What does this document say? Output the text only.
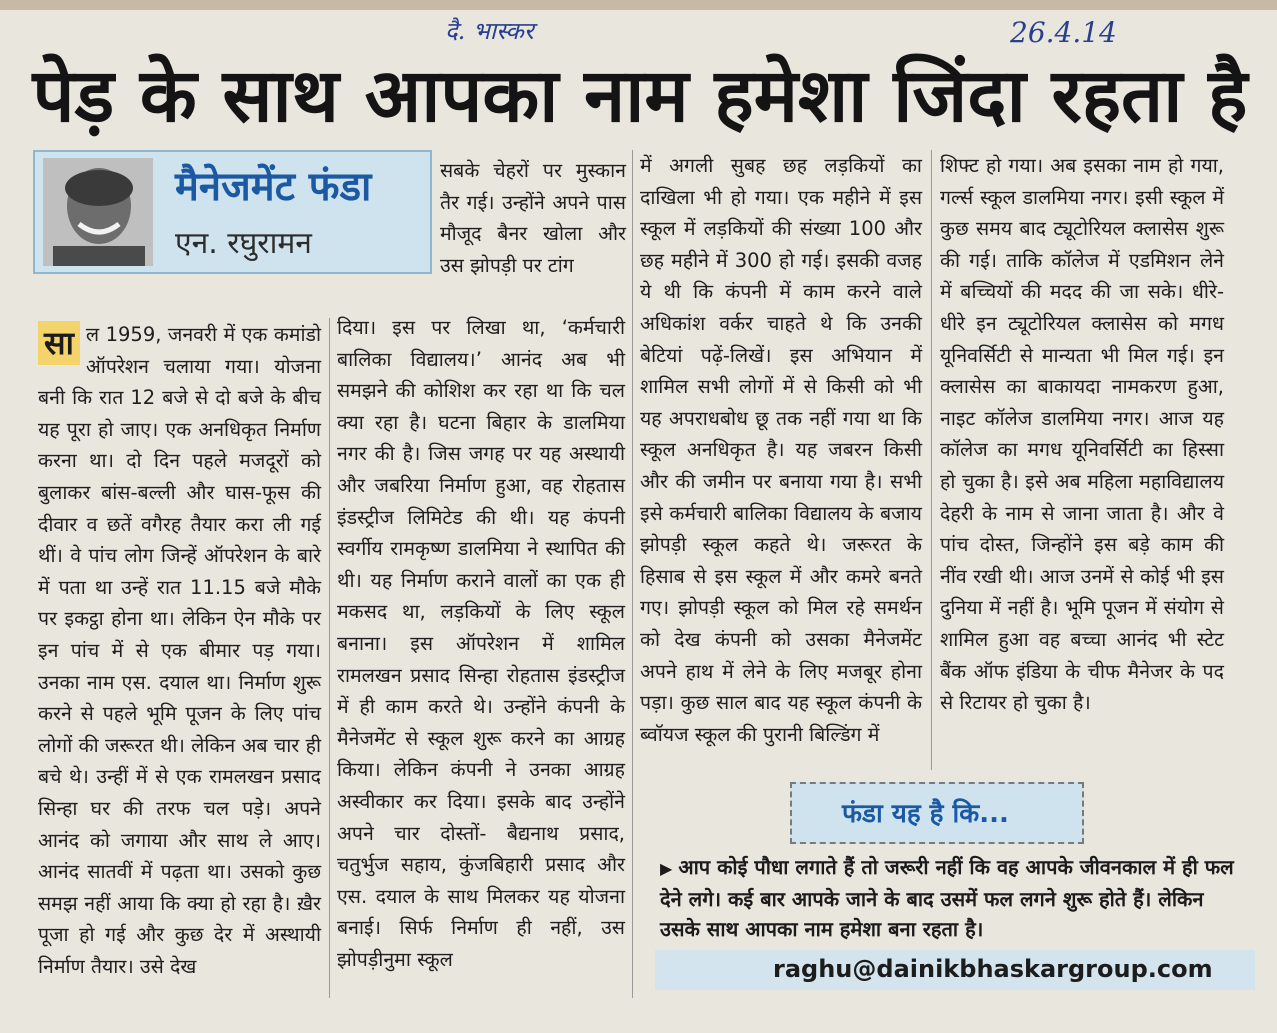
दै. भास्कर	26.4.14
पेड़ के साथ आपका नाम हमेशा जिंदा रहता है
मैनेजमेंट फंडा
एन. रघुरामन

सबके चेहरों पर मुस्कान तैर गई। उन्होंने अपने पास मौजूद बैनर खोला और उस झोपड़ी पर टांग

सा ल 1959, जनवरी में एक कमांडो ऑपरेशन चलाया गया। योजना बनी कि रात 12 बजे से दो बजे के बीच यह पूरा हो जाए। एक अनधिकृत निर्माण करना था। दो दिन पहले मजदूरों को बुलाकर बांस-बल्ली और घास-फूस की दीवार व छतें वगैरह तैयार करा ली गई थीं। वे पांच लोग जिन्हें ऑपरेशन के बारे में पता था उन्हें रात 11.15 बजे मौके पर इकट्ठा होना था। लेकिन ऐन मौके पर इन पांच में से एक बीमार पड़ गया। उनका नाम एस. दयाल था। निर्माण शुरू करने से पहले भूमि पूजन के लिए पांच लोगों की जरूरत थी। लेकिन अब चार ही बचे थे। उन्हीं में से एक रामलखन प्रसाद सिन्हा घर की तरफ चल पड़े। अपने आनंद को जगाया और साथ ले आए। आनंद सातवीं में पढ़ता था। उसको कुछ समझ नहीं आया कि क्या हो रहा है। ख़ैर पूजा हो गई और कुछ देर में अस्थायी निर्माण तैयार। उसे देख

दिया। इस पर लिखा था, ‘कर्मचारी बालिका विद्यालय।’ आनंद अब भी समझने की कोशिश कर रहा था कि चल क्या रहा है। घटना बिहार के डालमिया नगर की है। जिस जगह पर यह अस्थायी और जबरिया निर्माण हुआ, वह रोहतास इंडस्ट्रीज लिमिटेड की थी। यह कंपनी स्वर्गीय रामकृष्ण डालमिया ने स्थापित की थी। यह निर्माण कराने वालों का एक ही मकसद था, लड़कियों के लिए स्कूल बनाना। इस ऑपरेशन में शामिल रामलखन प्रसाद सिन्हा रोहतास इंडस्ट्रीज में ही काम करते थे। उन्होंने कंपनी के मैनेजमेंट से स्कूल शुरू करने का आग्रह किया। लेकिन कंपनी ने उनका आग्रह अस्वीकार कर दिया। इसके बाद उन्होंने अपने चार दोस्तों- बैद्यनाथ प्रसाद, चतुर्भुज सहाय, कुंजबिहारी प्रसाद और एस. दयाल के साथ मिलकर यह योजना बनाई। सिर्फ निर्माण ही नहीं, उस झोपड़ीनुमा स्कूल

में अगली सुबह छह लड़कियों का दाखिला भी हो गया। एक महीने में इस स्कूल में लड़कियों की संख्या 100 और छह महीने में 300 हो गई। इसकी वजह ये थी कि कंपनी में काम करने वाले अधिकांश वर्कर चाहते थे कि उनकी बेटियां पढ़ें-लिखें। इस अभियान में शामिल सभी लोगों में से किसी को भी यह अपराधबोध छू तक नहीं गया था कि स्कूल अनधिकृत है। यह जबरन किसी और की जमीन पर बनाया गया है। सभी इसे कर्मचारी बालिका विद्यालय के बजाय झोपड़ी स्कूल कहते थे। जरूरत के हिसाब से इस स्कूल में और कमरे बनते गए। झोपड़ी स्कूल को मिल रहे समर्थन को देख कंपनी को उसका मैनेजमेंट अपने हाथ में लेने के लिए मजबूर होना पड़ा। कुछ साल बाद यह स्कूल कंपनी के ब्वॉयज स्कूल की पुरानी बिल्डिंग में

शिफ्ट हो गया। अब इसका नाम हो गया, गर्ल्स स्कूल डालमिया नगर। इसी स्कूल में कुछ समय बाद ट्यूटोरियल क्लासेस शुरू की गई। ताकि कॉलेज में एडमिशन लेने में बच्चियों की मदद की जा सके। धीरे-धीरे इन ट्यूटोरियल क्लासेस को मगध यूनिवर्सिटी से मान्यता भी मिल गई। इन क्लासेस का बाकायदा नामकरण हुआ, नाइट कॉलेज डालमिया नगर। आज यह कॉलेज का मगध यूनिवर्सिटी का हिस्सा हो चुका है। इसे अब महिला महाविद्यालय देहरी के नाम से जाना जाता है। और वे पांच दोस्त, जिन्होंने इस बड़े काम की नींव रखी थी। आज उनमें से कोई भी इस दुनिया में नहीं है। भूमि पूजन में संयोग से शामिल हुआ वह बच्चा आनंद भी स्टेट बैंक ऑफ इंडिया के चीफ मैनेजर के पद से रिटायर हो चुका है।

फंडा यह है कि...
▶ आप कोई पौधा लगाते हैं तो जरूरी नहीं कि वह आपके जीवनकाल में ही फल देने लगे। कई बार आपके जाने के बाद उसमें फल लगने शुरू होते हैं। लेकिन उसके साथ आपका नाम हमेशा बना रहता है।
raghu@dainikbhaskargroup.com
